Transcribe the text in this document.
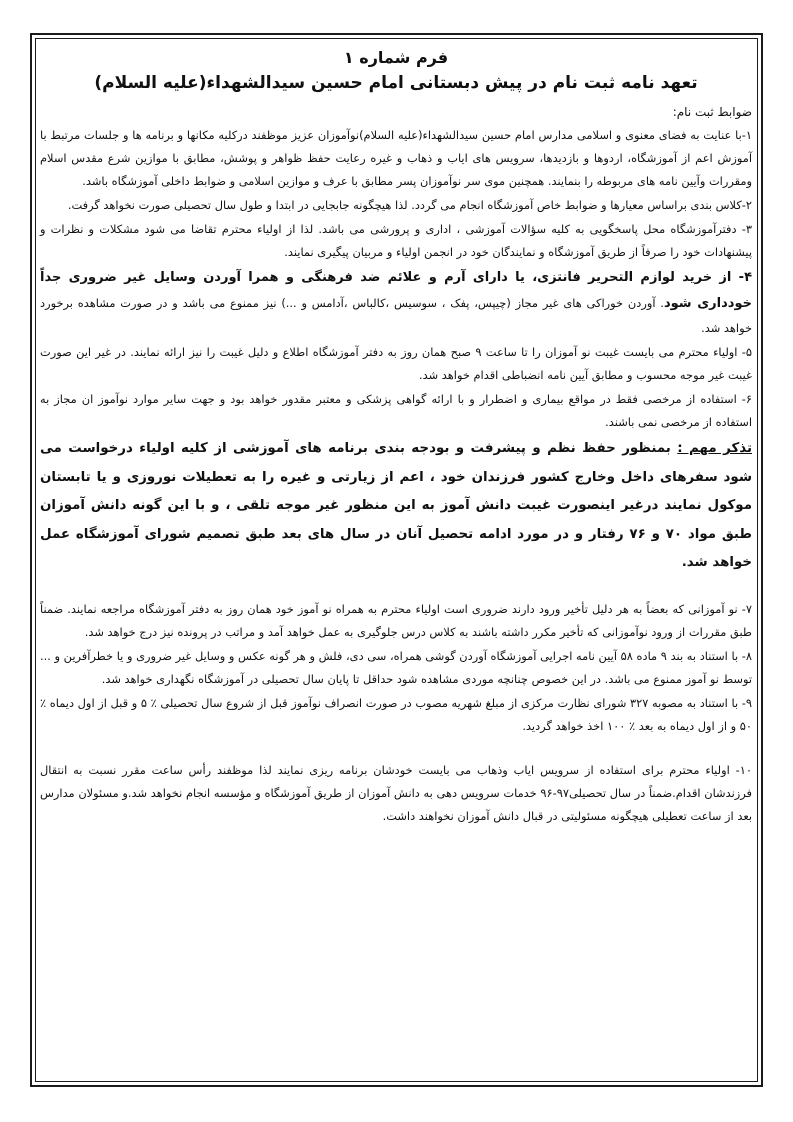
فرم شماره ۱

تعهد نامه ثبت نام در پیش دبستانی امام حسین سیدالشهداء(علیه السلام)

ضوابط ثبت نام:

۱-با عنایت به فضای معنوی و اسلامی مدارس امام حسین سیدالشهداء(علیه السلام)نوآموزان عزیز موظفند درکلیه مکانها و برنامه ها و جلسات مرتبط با آموزش اعم از آموزشگاه، اردوها و بازدیدها، سرویس های ایاب و ذهاب و غیره رعایت حفظ ظواهر و پوشش، مطابق با موازین شرع مقدس اسلام ومقررات وآیین نامه های مربوطه را بنمایند. همچنین موی سر نوآموزان پسر مطابق با عرف و موازین اسلامی و ضوابط داخلی آموزشگاه باشد.

۲-کلاس بندی براساس معیارها و ضوابط خاص آموزشگاه انجام می گردد. لذا هیچگونه جابجایی در ابتدا و طول سال تحصیلی صورت نخواهد گرفت.

۳- دفترآموزشگاه محل پاسخگویی به کلیه سؤالات آموزشی ، اداری و پرورشی می باشد. لذا از اولیاء محترم تقاضا می شود مشکلات و نظرات و پیشنهادات خود را صرفاً از طریق آموزشگاه و نمایندگان خود در انجمن اولیاء و مربیان پیگیری نمایند.

۴- از خرید لوازم التحریر فانتزی، یا دارای آرم و علائم ضد فرهنگی و همرا آوردن وسایل غیر ضروری جداً خودداری شود. آوردن خوراکی های غیر مجاز (چیپس، پفک ، سوسیس ،کالباس ،آدامس و ...) نیز ممنوع می باشد و در صورت مشاهده برخورد خواهد شد.

۵- اولیاء محترم می بایست غیبت نو آموزان را تا ساعت ۹ صبح همان روز به دفتر آموزشگاه اطلاع و دلیل غیبت را نیز ارائه نمایند. در غیر این صورت غیبت غیر موجه محسوب و مطابق آیین نامه انضباطی اقدام خواهد شد.

۶- استفاده از مرخصی فقط در مواقع بیماری و اضطرار و با ارائه گواهی پزشکی و معتبر مقدور خواهد بود و جهت سایر موارد نوآموز ان مجاز به استفاده از مرخصی نمی باشند.

تذکر مهم : بمنظور حفظ نظم و پیشرفت و بودجه بندی برنامه های آموزشی از کلیه اولیاء درخواست می شود سفرهای داخل وخارج کشور فرزندان خود ، اعم از زیارتی و غیره را به تعطیلات نوروزی و یا تابستان موکول نمایند درغیر اینصورت غیبت دانش آموز به این منظور غیر موجه تلقی ، و با این گونه دانش آموزان طبق مواد ۷۰ و ۷۶ رفتار و در مورد ادامه تحصیل آنان در سال های بعد طبق تصمیم شورای آموزشگاه عمل خواهد شد.

۷- نو آموزانی که بعضاً به هر دلیل تأخیر ورود دارند ضروری است اولیاء محترم به همراه نو آموز خود همان روز به دفتر آموزشگاه مراجعه نمایند. ضمناً طبق مقررات از ورود نوآموزانی که تأخیر مکرر داشته باشند به کلاس درس جلوگیری به عمل خواهد آمد و مراتب در پرونده نیز درج خواهد شد.

۸- با استناد به بند ۹ ماده ۵۸ آیین نامه اجرایی آموزشگاه آوردن گوشی همراه، سی دی، فلش و هر گونه عکس و وسایل غیر ضروری و یا خطرآفرین و ... توسط نو آموز ممنوع می باشد. در این خصوص چنانچه موردی مشاهده شود حداقل تا پایان سال تحصیلی در آموزشگاه نگهداری خواهد شد.

۹- با استناد به مصوبه ۳۲۷ شورای نظارت مرکزی از مبلغ شهریه مصوب در صورت انصراف نوآموز قبل از شروع سال تحصیلی ٪ ۵ و قبل از اول دیماه ٪ ۵۰ و از اول دیماه به بعد ٪ ۱۰۰ اخذ خواهد گردید.

۱۰- اولیاء محترم برای استفاده از سرویس ایاب وذهاب می بایست خودشان برنامه ریزی نمایند لذا موظفند رأس ساعت مقرر نسبت به انتقال فرزندشان اقدام.ضمناً در سال تحصیلی۹۷-۹۶ خدمات سرویس دهی به دانش آموزان از طریق آموزشگاه و مؤسسه انجام نخواهد شد.و مسئولان مدارس بعد از ساعت تعطیلی هیچگونه مسئولیتی در قبال دانش آموزان نخواهند داشت.
